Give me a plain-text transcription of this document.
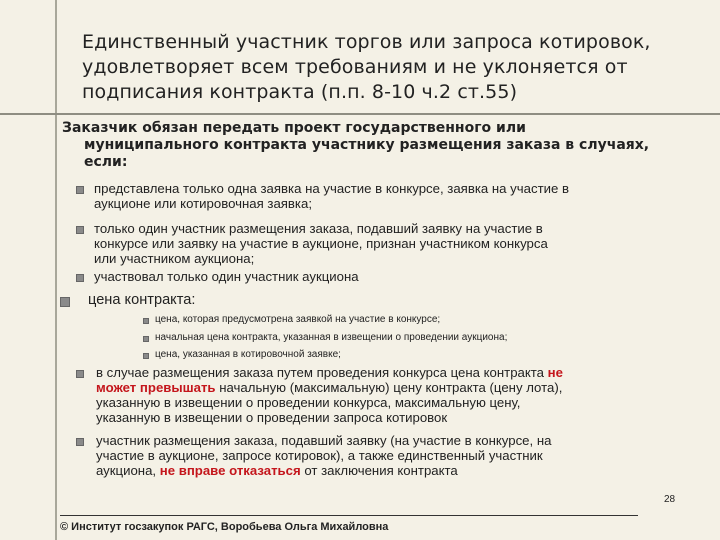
Единственный участник торгов или запроса котировок,
удовлетворяет всем требованиям и не уклоняется от
подписания контракта (п.п. 8-10 ч.2 ст.55)
Заказчик обязан передать проект государственного или
муниципального контракта участнику размещения заказа в случаях,
если:
представлена только одна заявка на участие в конкурсе, заявка на участие в
аукционе или котировочная заявка;
только один участник размещения заказа, подавший заявку на участие в
конкурсе или заявку на участие в аукционе, признан участником конкурса
или участником аукциона;
участвовал только один участник аукциона
цена контракта:
цена, которая предусмотрена заявкой на участие в конкурсе;
начальная цена контракта, указанная в извещении о проведении аукциона;
цена, указанная в котировочной заявке;
в случае размещения заказа путем проведения конкурса цена контракта не
может превышать начальную (максимальную) цену контракта (цену лота),
указанную в извещении о проведении конкурса, максимальную цену,
указанную в извещении о проведении запроса котировок
участник размещения заказа, подавший заявку (на участие в конкурсе, на
участие в аукционе, запросе котировок), а также единственный участник
аукциона, не вправе отказаться от заключения контракта
28
© Институт госзакупок РАГС, Воробьева Ольга Михайловна
